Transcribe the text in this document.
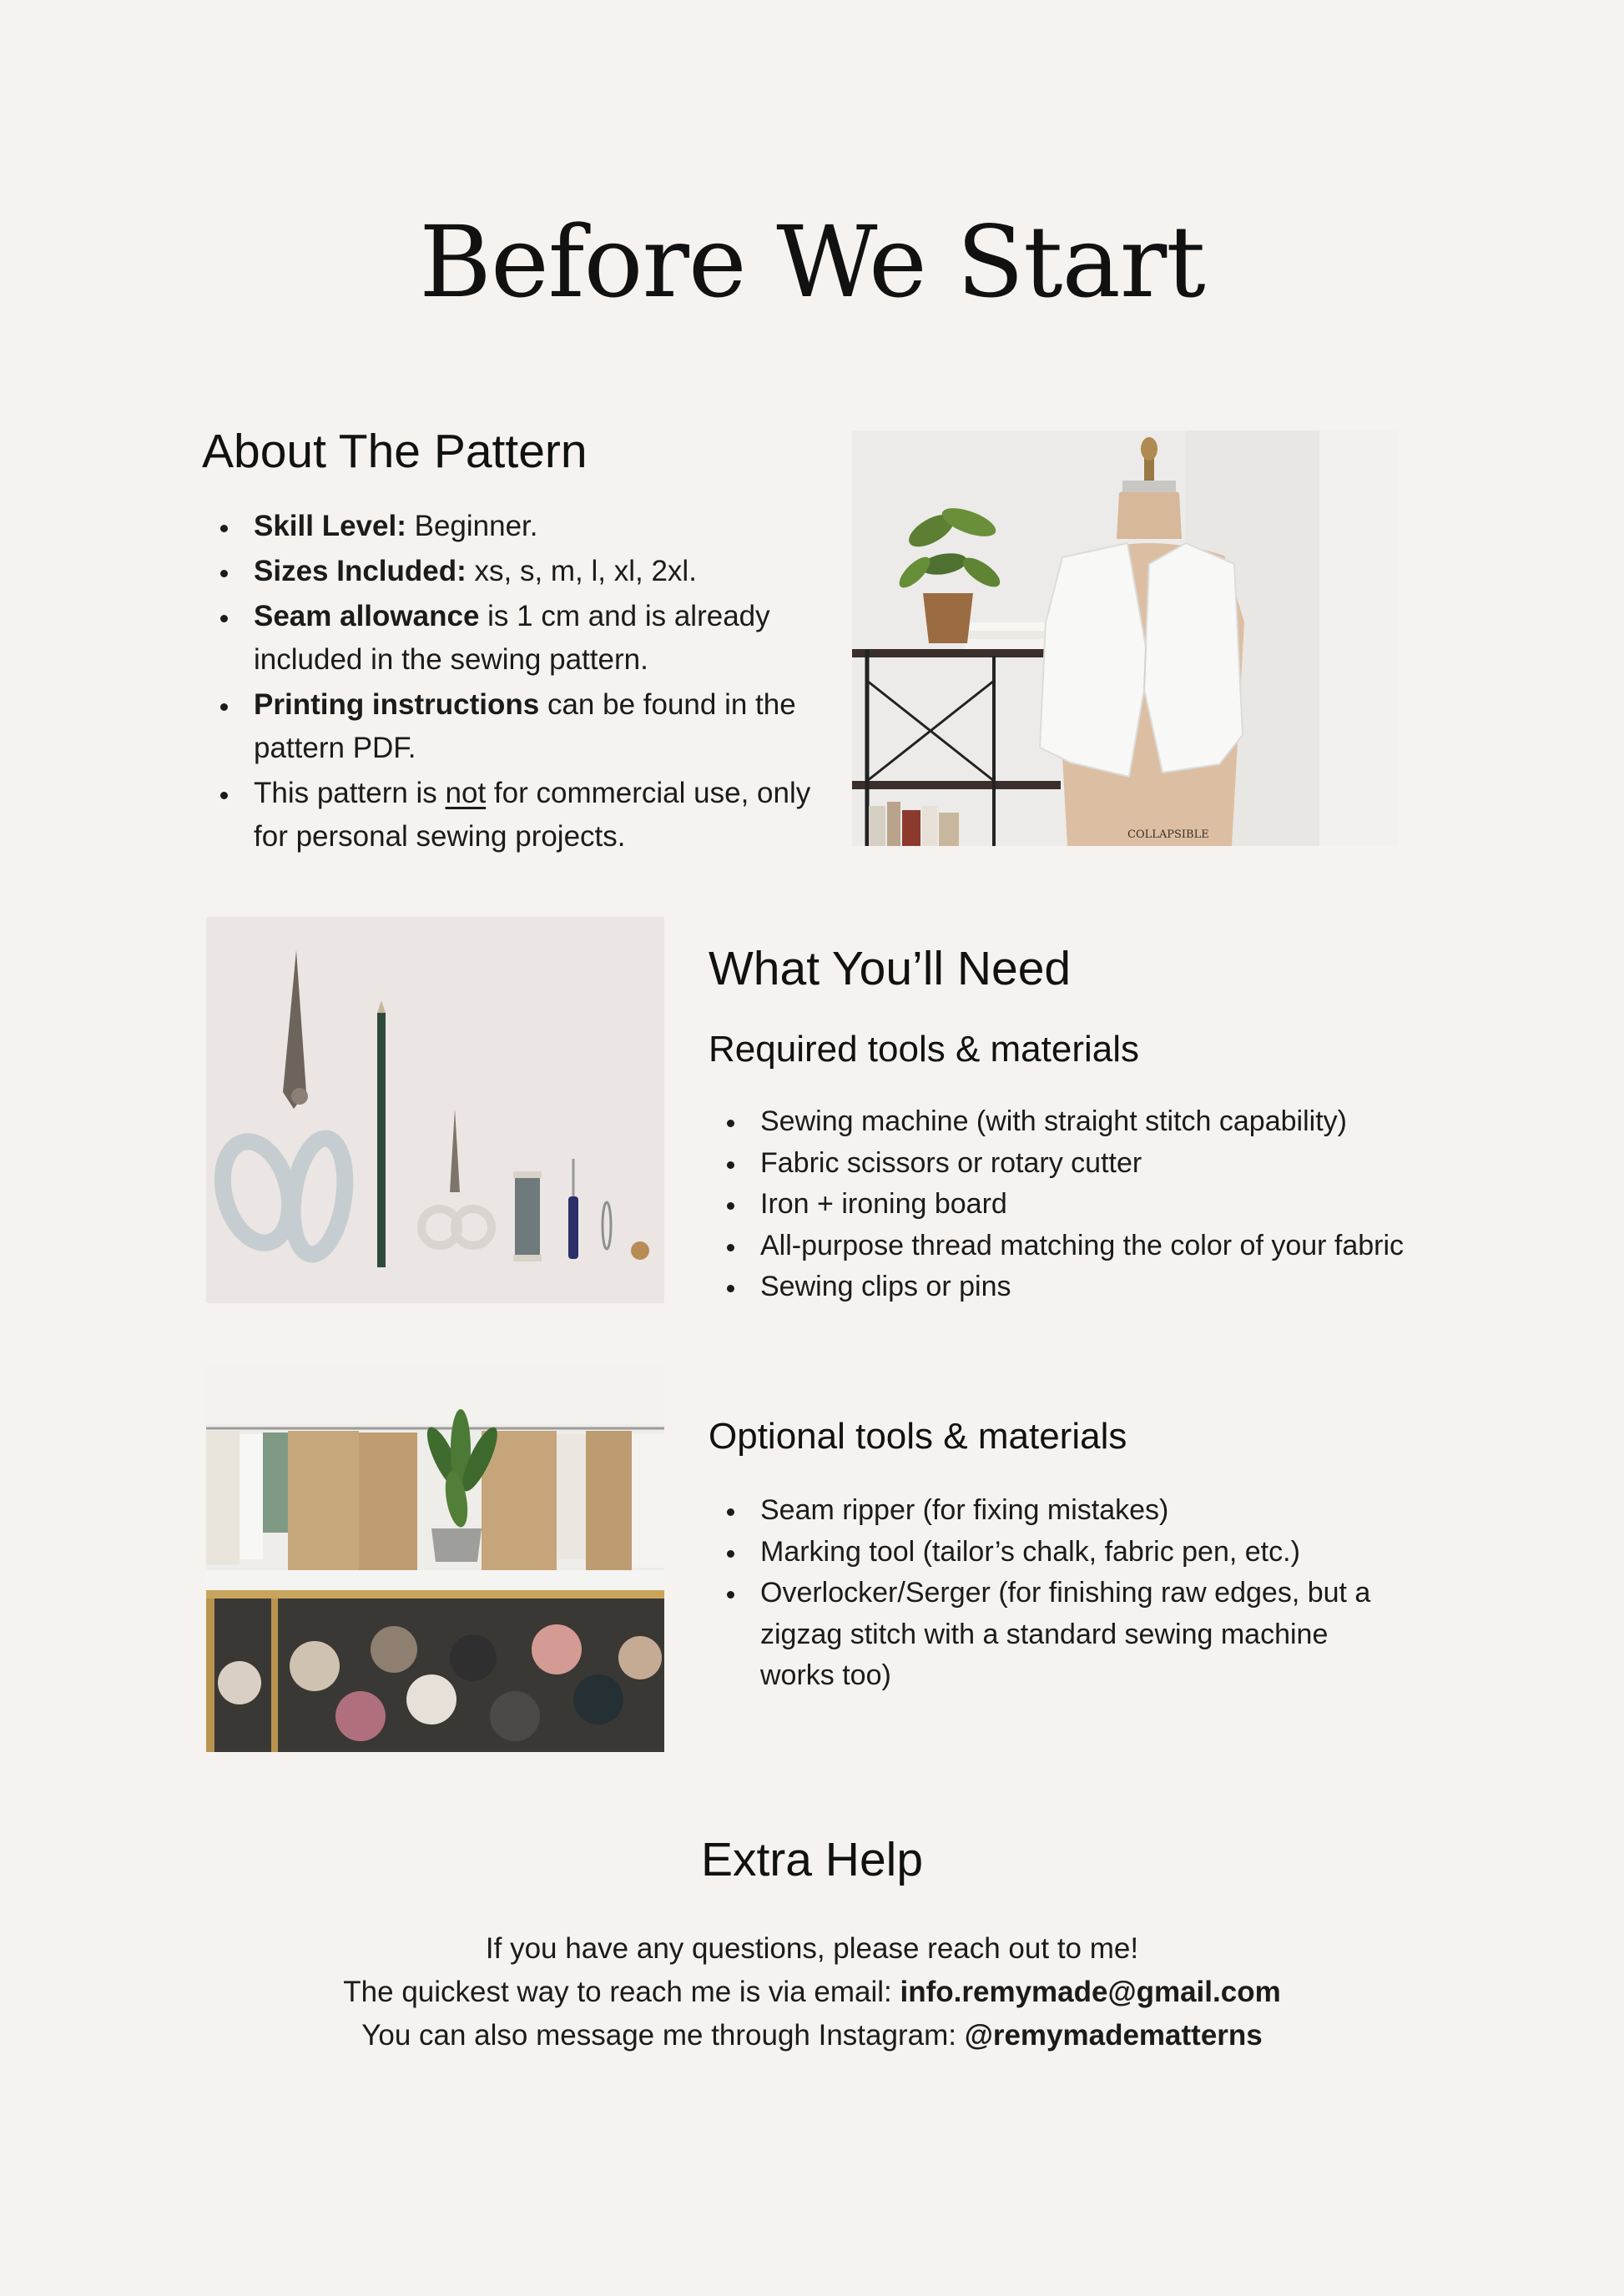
Before We Start
About The Pattern
Skill Level: Beginner.
Sizes Included: xs, s, m, l, xl, 2xl.
Seam allowance is 1 cm and is already included in the sewing pattern.
Printing instructions can be found in the pattern PDF.
This pattern is not for commercial use, only for personal sewing projects.	COLLAPSIBLE
What You’ll Need
Required tools & materials
Sewing machine (with straight stitch capability)
Fabric scissors or rotary cutter
Iron + ironing board
All-purpose thread matching the color of your fabric
Sewing clips or pins
Optional tools & materials
Seam ripper (for fixing mistakes)
Marking tool (tailor’s chalk, fabric pen, etc.)
Overlocker/Serger (for finishing raw edges, but a zigzag stitch with a standard sewing machine works too)
Extra Help
If you have any questions, please reach out to me!
The quickest way to reach me is via email: info.remymade@gmail.com
You can also message me through Instagram: @remymadematterns
